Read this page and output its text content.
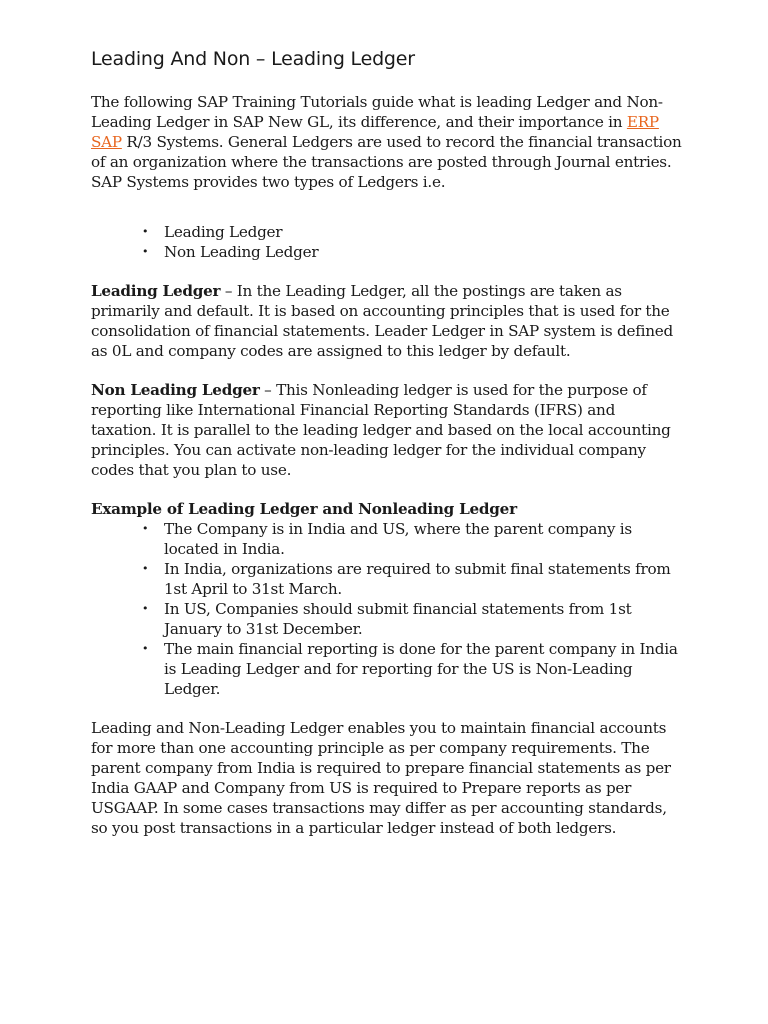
Leading And Non – Leading Ledger

The following SAP Training Tutorials guide what is leading Ledger and Non-Leading Ledger in SAP New GL, its difference, and their importance in ERP SAP R/3 Systems. General Ledgers are used to record the financial transaction of an organization where the transactions are posted through Journal entries. SAP Systems provides two types of Ledgers i.e.

• Leading Ledger
• Non Leading Ledger

Leading Ledger – In the Leading Ledger, all the postings are taken as primarily and default. It is based on accounting principles that is used for the consolidation of financial statements. Leader Ledger in SAP system is defined as 0L and company codes are assigned to this ledger by default.

Non Leading Ledger – This Nonleading ledger is used for the purpose of reporting like International Financial Reporting Standards (IFRS) and taxation. It is parallel to the leading ledger and based on the local accounting principles. You can activate non-leading ledger for the individual company codes that you plan to use.

Example of Leading Ledger and Nonleading Ledger

• The Company is in India and US, where the parent company is located in India.
• In India, organizations are required to submit final statements from 1st April to 31st March.
• In US, Companies should submit financial statements from 1st January to 31st December.
• The main financial reporting is done for the parent company in India is Leading Ledger and for reporting for the US is Non-Leading Ledger.

Leading and Non-Leading Ledger enables you to maintain financial accounts for more than one accounting principle as per company requirements. The parent company from India is required to prepare financial statements as per India GAAP and Company from US is required to Prepare reports as per USGAAP. In some cases transactions may differ as per accounting standards, so you post transactions in a particular ledger instead of both ledgers.
